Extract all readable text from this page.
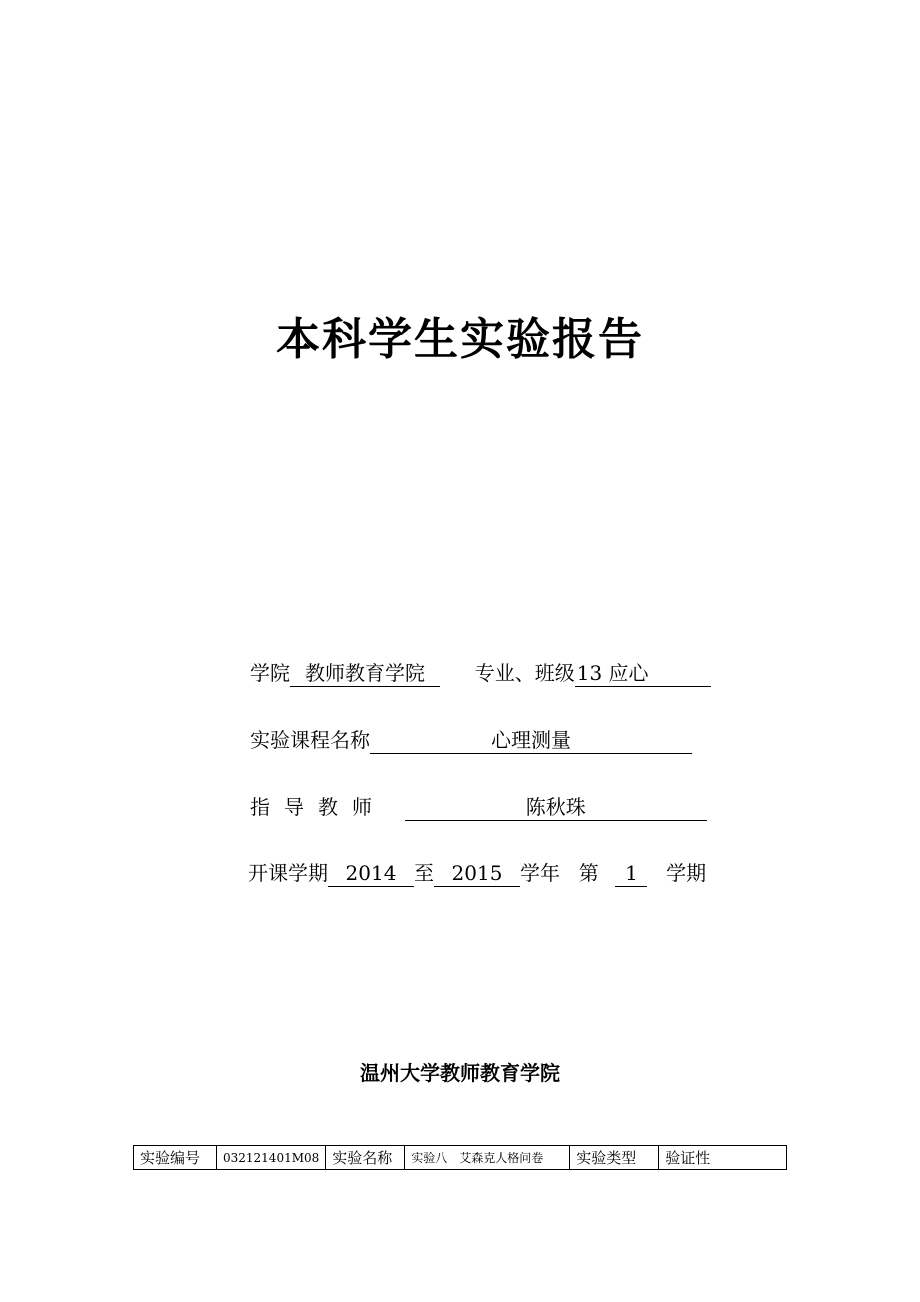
本科学生实验报告
学院 教师教育学院 专业、班级 13 应心
实验课程名称	心理测量
指 导 教 师	陈秋珠
开课学期 2014 至 2015 学年 第 1 学期
温州大学教师教育学院
实验编号	032121401M08	实验名称	实验八　艾森克人格问卷	实验类型	验证性
